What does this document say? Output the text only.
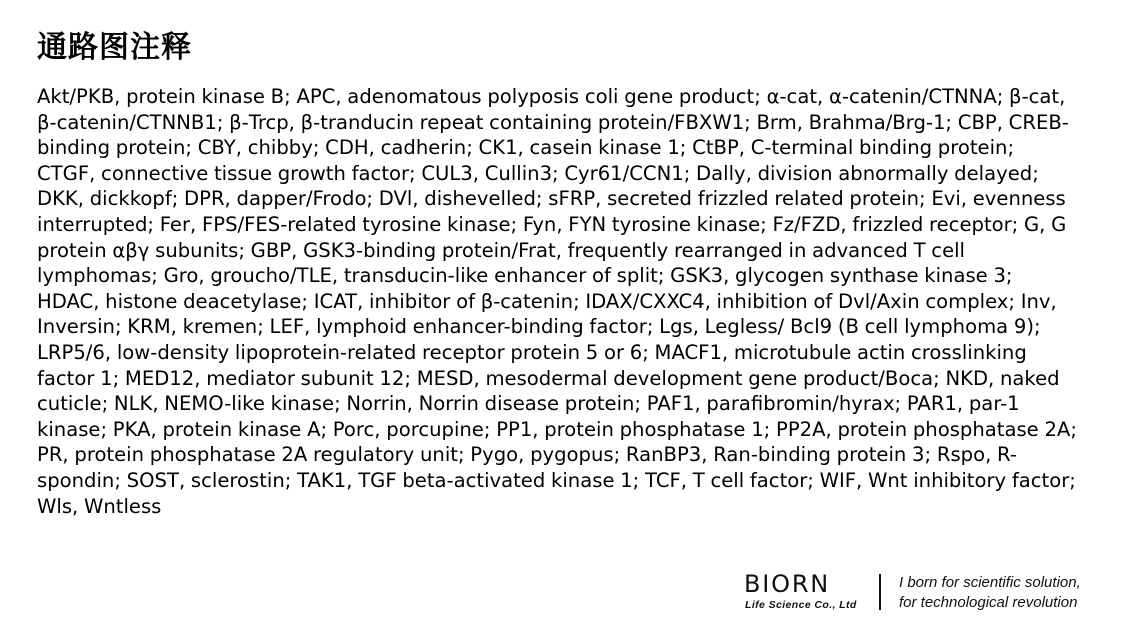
通路图注释
Akt/PKB, protein kinase B; APC, adenomatous polyposis coli gene product; α-cat, α-catenin/CTNNA; β-cat, β-catenin/CTNNB1; β-Trcp, β-tranducin repeat containing protein/FBXW1; Brm, Brahma/Brg-1; CBP, CREB-binding protein; CBY, chibby; CDH, cadherin; CK1, casein kinase 1; CtBP, C-terminal binding protein; CTGF, connective tissue growth factor; CUL3, Cullin3; Cyr61/CCN1; Dally, division abnormally delayed; DKK, dickkopf; DPR, dapper/Frodo; DVl, dishevelled; sFRP, secreted frizzled related protein; Evi, evenness interrupted; Fer, FPS/FES-related tyrosine kinase; Fyn, FYN tyrosine kinase; Fz/FZD, frizzled receptor; G, G protein αβγ subunits; GBP, GSK3-binding protein/Frat, frequently rearranged in advanced T cell lymphomas; Gro, groucho/TLE, transducin-like enhancer of split; GSK3, glycogen synthase kinase 3; HDAC, histone deacetylase; ICAT, inhibitor of β-catenin; IDAX/CXXC4, inhibition of Dvl/Axin complex; Inv, Inversin; KRM, kremen; LEF, lymphoid enhancer-binding factor; Lgs, Legless/ Bcl9 (B cell lymphoma 9); LRP5/6, low-density lipoprotein-related receptor protein 5 or 6; MACF1, microtubule actin crosslinking factor 1; MED12, mediator subunit 12; MESD, mesodermal development gene product/Boca; NKD, naked cuticle; NLK, NEMO-like kinase; Norrin, Norrin disease protein; PAF1, parafibromin/hyrax; PAR1, par-1 kinase; PKA, protein kinase A; Porc, porcupine; PP1, protein phosphatase 1; PP2A, protein phosphatase 2A; PR, protein phosphatase 2A regulatory unit; Pygo, pygopus; RanBP3, Ran-binding protein 3; Rspo, R-spondin; SOST, sclerostin; TAK1, TGF beta-activated kinase 1; TCF, T cell factor; WIF, Wnt inhibitory factor; Wls, Wntless
BIORN
Life Science Co., Ltd
I born for scientific solution,
for technological revolution
